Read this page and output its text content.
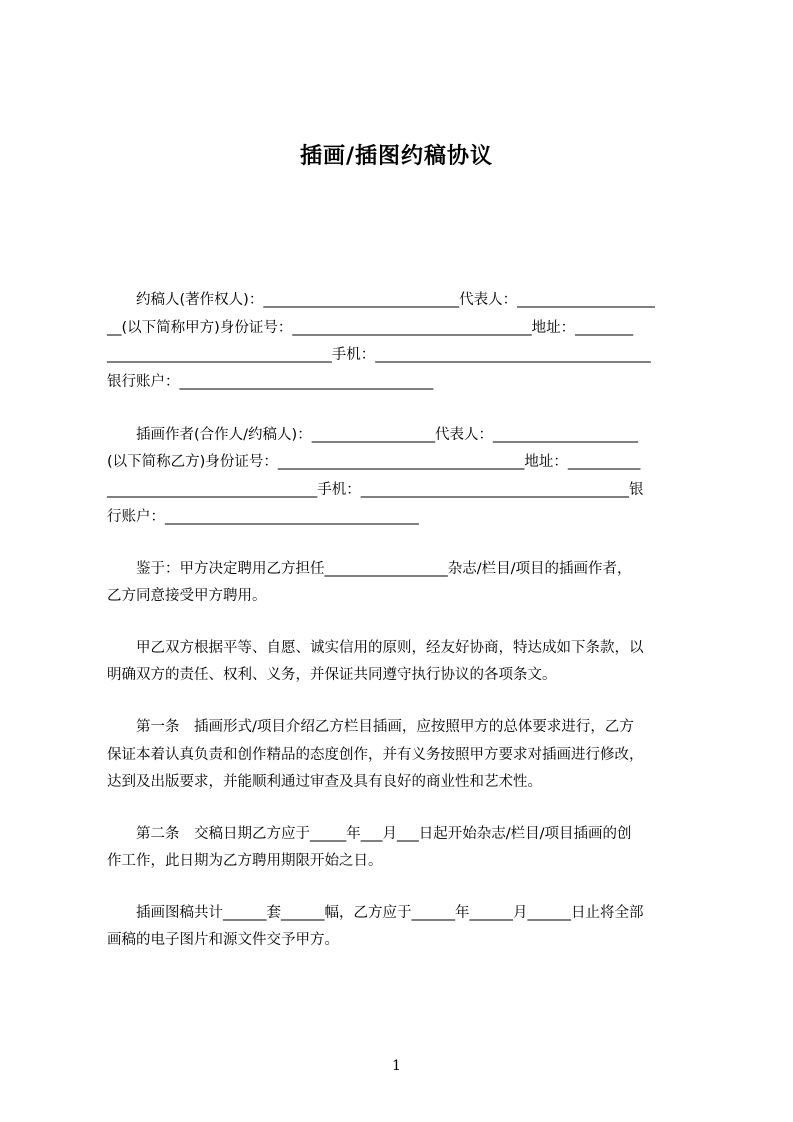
插画/插图约稿协议
　　约稿人(著作权人)：___________________________代表人：___________________
__(以下简称甲方)身份证号：_________________________________地址：________
_______________________________手机：______________________________________
银行账户：___________________________________
　　插画作者(合作人/约稿人)：_________________代表人：____________________
(以下简称乙方)身份证号：__________________________________地址：__________
_____________________________手机：_____________________________________银
行账户：___________________________________
　　鉴于：甲方决定聘用乙方担任_________________杂志/栏目/项目的插画作者，
乙方同意接受甲方聘用。
　　甲乙双方根据平等、自愿、诚实信用的原则，经友好协商，特达成如下条款，以
明确双方的责任、权利、义务，并保证共同遵守执行协议的各项条文。
　　第一条　插画形式/项目介绍乙方栏目插画，应按照甲方的总体要求进行，乙方
保证本着认真负责和创作精品的态度创作，并有义务按照甲方要求对插画进行修改，
达到及出版要求，并能顺利通过审查及具有良好的商业性和艺术性。
　　第二条　交稿日期乙方应于_____年___月___日起开始杂志/栏目/项目插画的创
作工作，此日期为乙方聘用期限开始之日。
　　插画图稿共计______套______幅，乙方应于______年______月______日止将全部
画稿的电子图片和源文件交予甲方。
1
